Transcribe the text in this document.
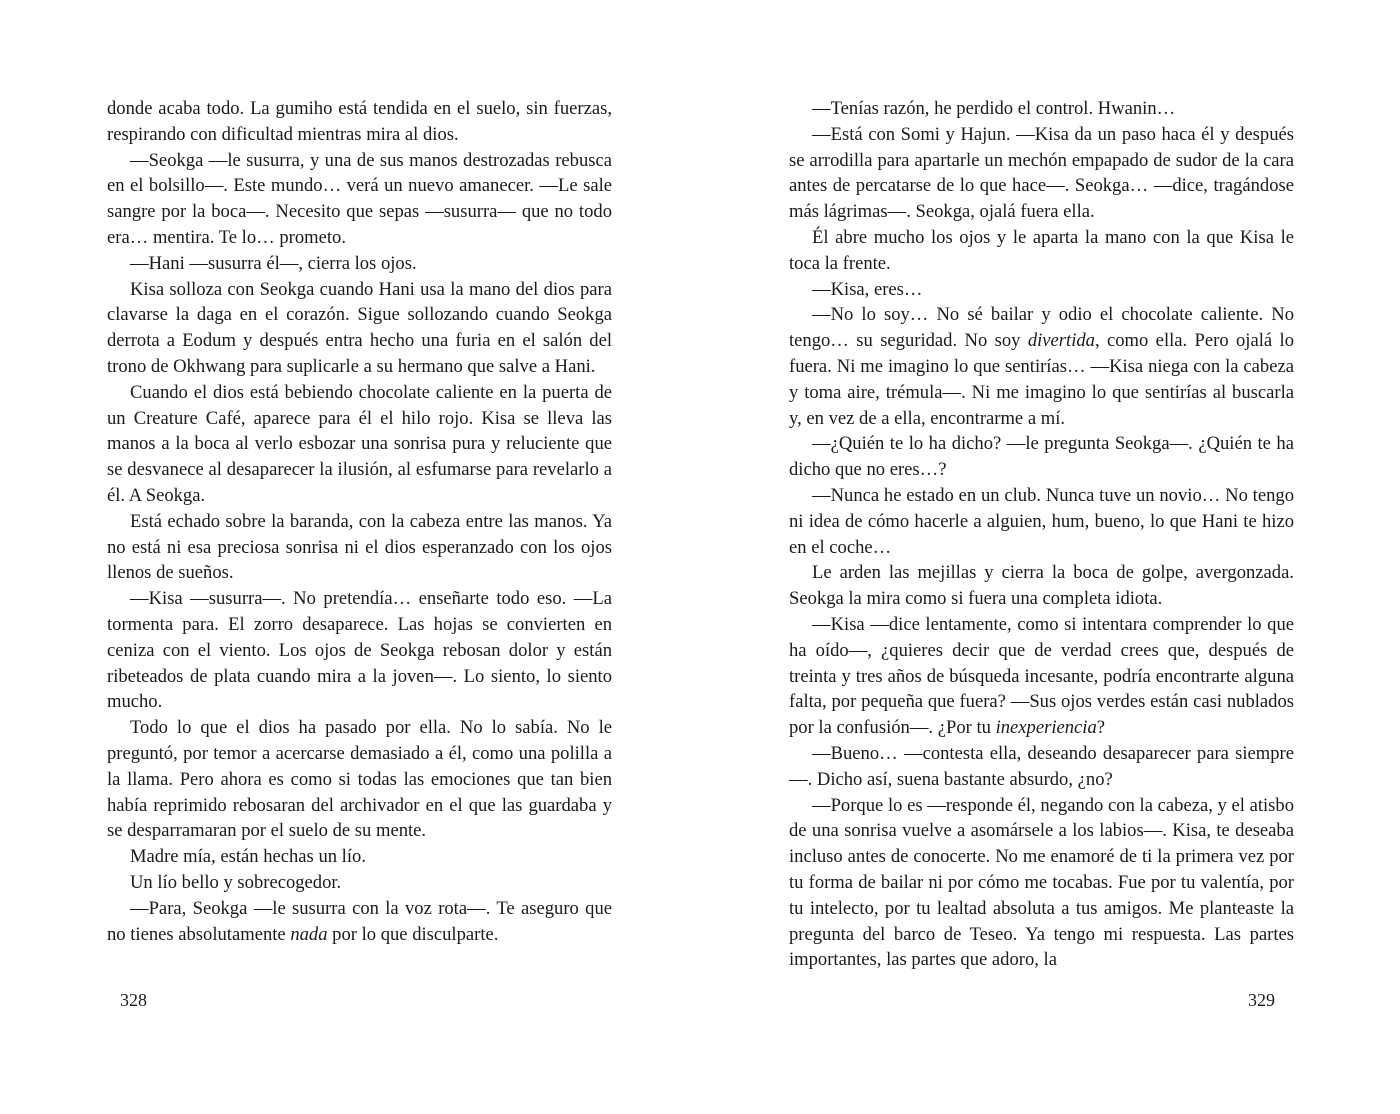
donde acaba todo. La gumiho está tendida en el suelo, sin fuerzas, respirando con dificultad mientras mira al dios.

—Seokga —le susurra, y una de sus manos destrozadas rebusca en el bolsillo—. Este mundo… verá un nuevo amanecer. —Le sale sangre por la boca—. Necesito que sepas —susurra— que no todo era… mentira. Te lo… prometo.

—Hani —susurra él—, cierra los ojos.

Kisa solloza con Seokga cuando Hani usa la mano del dios para clavarse la daga en el corazón. Sigue sollozando cuando Seokga derrota a Eodum y después entra hecho una furia en el salón del trono de Okhwang para suplicarle a su hermano que salve a Hani.

Cuando el dios está bebiendo chocolate caliente en la puerta de un Creature Café, aparece para él el hilo rojo. Kisa se lleva las manos a la boca al verlo esbozar una sonrisa pura y reluciente que se desvanece al desaparecer la ilusión, al esfumarse para revelarlo a él. A Seokga.

Está echado sobre la baranda, con la cabeza entre las manos. Ya no está ni esa preciosa sonrisa ni el dios esperanzado con los ojos llenos de sueños.

—Kisa —susurra—. No pretendía… enseñarte todo eso. —La tormenta para. El zorro desaparece. Las hojas se convierten en ceniza con el viento. Los ojos de Seokga rebosan dolor y están ribeteados de plata cuando mira a la joven—. Lo siento, lo siento mucho.

Todo lo que el dios ha pasado por ella. No lo sabía. No le preguntó, por temor a acercarse demasiado a él, como una polilla a la llama. Pero ahora es como si todas las emociones que tan bien había reprimido rebosaran del archivador en el que las guardaba y se desparramaran por el suelo de su mente.

Madre mía, están hechas un lío.

Un lío bello y sobrecogedor.

—Para, Seokga —le susurra con la voz rota—. Te aseguro que no tienes absolutamente nada por lo que disculparte.

—Tenías razón, he perdido el control. Hwanin…

—Está con Somi y Hajun. —Kisa da un paso haca él y después se arrodilla para apartarle un mechón empapado de sudor de la cara antes de percatarse de lo que hace—. Seokga… —dice, tragándose más lágrimas—. Seokga, ojalá fuera ella.

Él abre mucho los ojos y le aparta la mano con la que Kisa le toca la frente.

—Kisa, eres…

—No lo soy… No sé bailar y odio el chocolate caliente. No tengo… su seguridad. No soy divertida, como ella. Pero ojalá lo fuera. Ni me imagino lo que sentirías… —Kisa niega con la cabeza y toma aire, trémula—. Ni me imagino lo que sentirías al buscarla y, en vez de a ella, encontrarme a mí.

—¿Quién te lo ha dicho? —le pregunta Seokga—. ¿Quién te ha dicho que no eres…?

—Nunca he estado en un club. Nunca tuve un novio… No tengo ni idea de cómo hacerle a alguien, hum, bueno, lo que Hani te hizo en el coche…

Le arden las mejillas y cierra la boca de golpe, avergonzada. Seokga la mira como si fuera una completa idiota.

—Kisa —dice lentamente, como si intentara comprender lo que ha oído—, ¿quieres decir que de verdad crees que, después de treinta y tres años de búsqueda incesante, podría encontrarte alguna falta, por pequeña que fuera? —Sus ojos verdes están casi nublados por la confusión—. ¿Por tu inexperiencia?

—Bueno… —contesta ella, deseando desaparecer para siempre—. Dicho así, suena bastante absurdo, ¿no?

—Porque lo es —responde él, negando con la cabeza, y el atisbo de una sonrisa vuelve a asomársele a los labios—. Kisa, te deseaba incluso antes de conocerte. No me enamoré de ti la primera vez por tu forma de bailar ni por cómo me tocabas. Fue por tu valentía, por tu intelecto, por tu lealtad absoluta a tus amigos. Me planteaste la pregunta del barco de Teseo. Ya tengo mi respuesta. Las partes importantes, las partes que adoro, la

328	329
